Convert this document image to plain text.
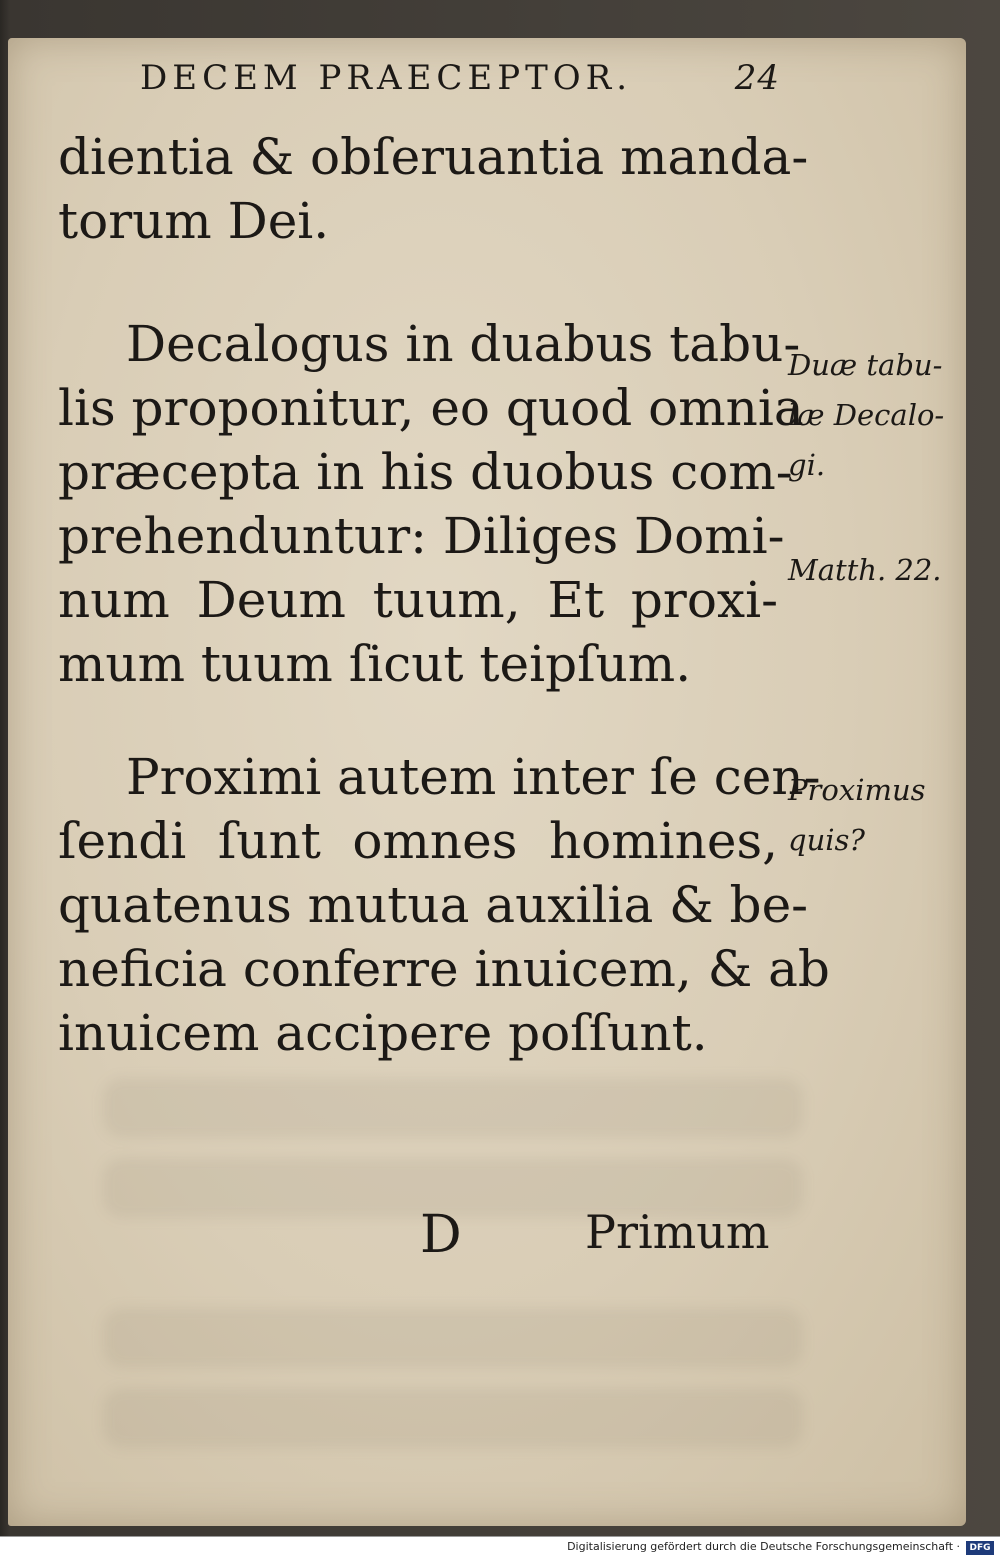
DECEM PRAECEPTOR.	24
dientia & obſeruantia manda-
torum Dei.
Decalogus in duabus tabu-
lis proponitur, eo quod omnia
præcepta in his duobus com-
prehenduntur: Diliges Domi-
num Deum tuum, Et proxi-
mum tuum ſicut teipſum.
Proximi autem inter ſe cen-
ſendi ſunt omnes homines,
quatenus mutua auxilia & be-
neficia conferre inuicem, & ab
inuicem accipere poſſunt.
Duæ tabu-
læ Decalo-
gi.
Matth. 22.
Proximus
quis?
D	Primum
Digitalisierung gefördert durch die Deutsche Forschungsgemeinschaft ·	DFG
